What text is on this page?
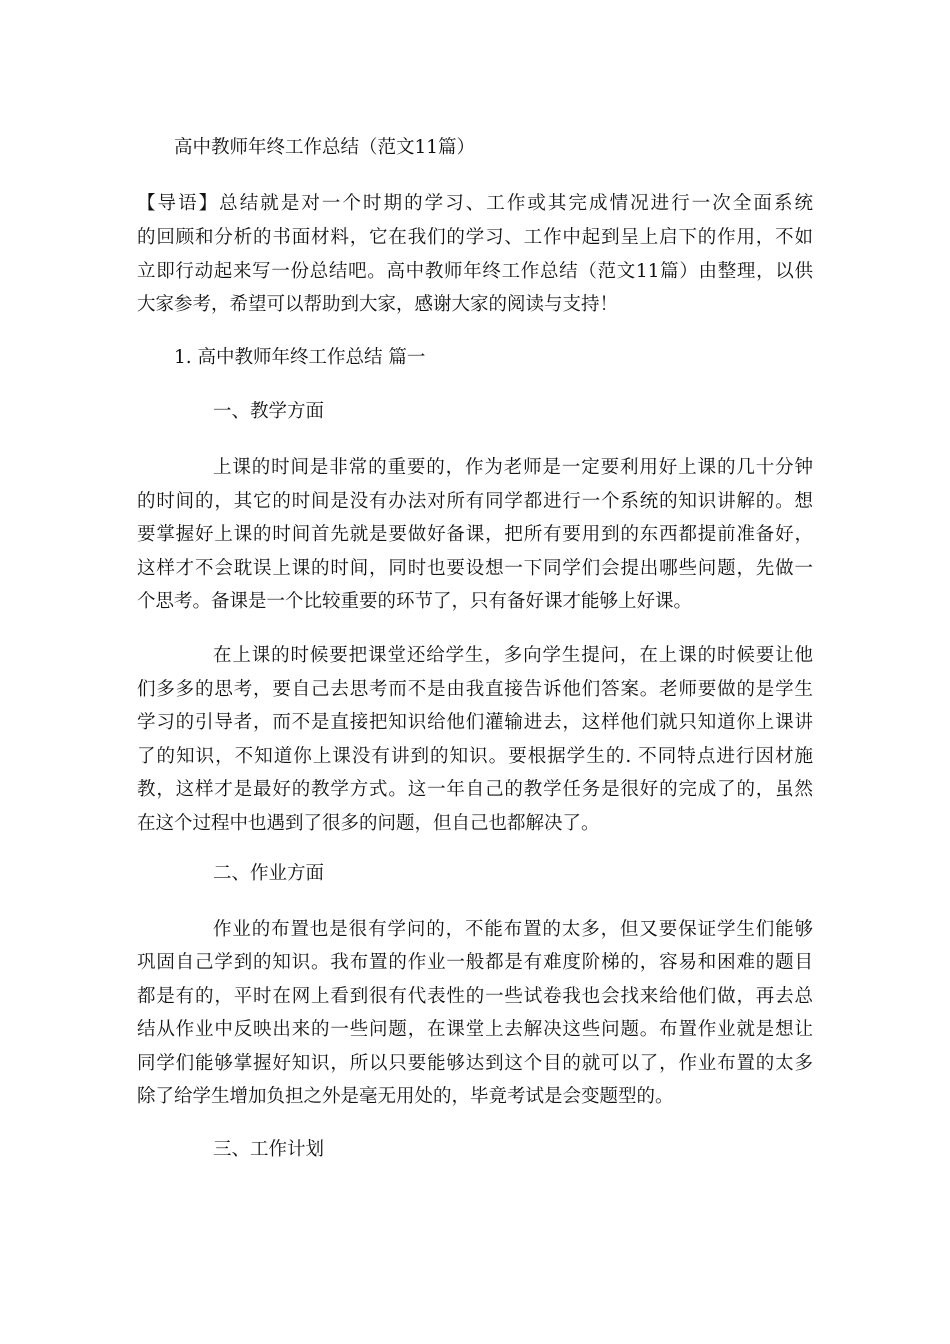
高中教师年终工作总结（范文11篇）

【导语】总结就是对一个时期的学习、工作或其完成情况进行一次全面系统

的回顾和分析的书面材料，它在我们的学习、工作中起到呈上启下的作用，不如

立即行动起来写一份总结吧。高中教师年终工作总结（范文11篇）由整理，以供

大家参考，希望可以帮助到大家，感谢大家的阅读与支持！

1. 高中教师年终工作总结 篇一

一、教学方面

上课的时间是非常的重要的，作为老师是一定要利用好上课的几十分钟

的时间的，其它的时间是没有办法对所有同学都进行一个系统的知识讲解的。想

要掌握好上课的时间首先就是要做好备课，把所有要用到的东西都提前准备好，

这样才不会耽误上课的时间，同时也要设想一下同学们会提出哪些问题，先做一

个思考。备课是一个比较重要的环节了，只有备好课才能够上好课。

在上课的时候要把课堂还给学生，多向学生提问，在上课的时候要让他

们多多的思考，要自己去思考而不是由我直接告诉他们答案。老师要做的是学生

学习的引导者，而不是直接把知识给他们灌输进去，这样他们就只知道你上课讲

了的知识，不知道你上课没有讲到的知识。要根据学生的. 不同特点进行因材施

教，这样才是最好的教学方式。这一年自己的教学任务是很好的完成了的，虽然

在这个过程中也遇到了很多的问题，但自己也都解决了。

二、作业方面

作业的布置也是很有学问的，不能布置的太多，但又要保证学生们能够

巩固自己学到的知识。我布置的作业一般都是有难度阶梯的，容易和困难的题目

都是有的，平时在网上看到很有代表性的一些试卷我也会找来给他们做，再去总

结从作业中反映出来的一些问题，在课堂上去解决这些问题。布置作业就是想让

同学们能够掌握好知识，所以只要能够达到这个目的就可以了，作业布置的太多

除了给学生增加负担之外是毫无用处的，毕竟考试是会变题型的。

三、工作计划
